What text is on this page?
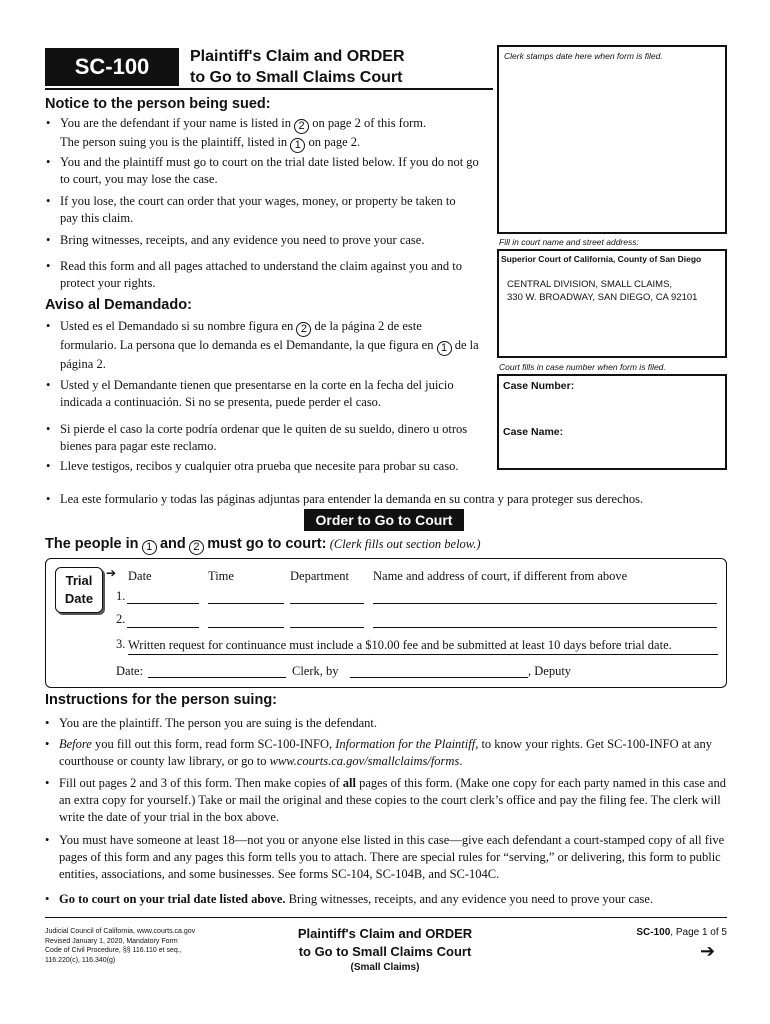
SC-100	Plaintiff's Claim and ORDER
to Go to Small Claims Court
Clerk stamps date here when form is filed.
Fill in court name and street address:
Superior Court of California, County of San Diego
CENTRAL DIVISION, SMALL CLAIMS,
330 W. BROADWAY, SAN DIEGO, CA 92101
Court fills in case number when form is filed.
Case Number:
Case Name:
Notice to the person being sued:
• You are the defendant if your name is listed in 2 on page 2 of this form.
The person suing you is the plaintiff, listed in 1 on page 2.
• You and the plaintiff must go to court on the trial date listed below. If you do not go to court, you may lose the case.
• If you lose, the court can order that your wages, money, or property be taken to pay this claim.
• Bring witnesses, receipts, and any evidence you need to prove your case.
• Read this form and all pages attached to understand the claim against you and to protect your rights.
Aviso al Demandado:
• Usted es el Demandado si su nombre figura en 2 de la página 2 de este formulario. La persona que lo demanda es el Demandante, la que figura en 1 de la página 2.
• Usted y el Demandante tienen que presentarse en la corte en la fecha del juicio indicada a continuación. Si no se presenta, puede perder el caso.
• Si pierde el caso la corte podría ordenar que le quiten de su sueldo, dinero u otros bienes para pagar este reclamo.
• Lleve testigos, recibos y cualquier otra prueba que necesite para probar su caso.
• Lea este formulario y todas las páginas adjuntas para entender la demanda en su contra y para proteger sus derechos.
Order to Go to Court
The people in 1 and 2 must go to court: (Clerk fills out section below.)
Trial
Date
➔ Date	Time	Department Name and address of court, if different from above
1.
2.
3. Written request for continuance must include a $10.00 fee and be submitted at least 10 days before trial date.
Date:	Clerk, by	, Deputy
Instructions for the person suing:
• You are the plaintiff. The person you are suing is the defendant.
• Before you fill out this form, read form SC-100-INFO, Information for the Plaintiff, to know your rights. Get SC-100-INFO at any courthouse or county law library, or go to www.courts.ca.gov/smallclaims/forms.
• Fill out pages 2 and 3 of this form. Then make copies of all pages of this form. (Make one copy for each party named in this case and an extra copy for yourself.) Take or mail the original and these copies to the court clerk’s office and pay the filing fee. The clerk will write the date of your trial in the box above.
• You must have someone at least 18—not you or anyone else listed in this case—give each defendant a court-stamped copy of all five pages of this form and any pages this form tells you to attach. There are special rules for “serving,” or delivering, this form to public entities, associations, and some businesses. See forms SC-104, SC-104B, and SC-104C.
• Go to court on your trial date listed above. Bring witnesses, receipts, and any evidence you need to prove your case.
Judicial Council of California, www.courts.ca.gov
Revised January 1, 2020, Mandatory Form
Code of Civil Procedure, §§ 116.110 et seq.,
116.220(c), 116.340(g)
Plaintiff's Claim and ORDER
to Go to Small Claims Court
(Small Claims)
SC-100, Page 1 of 5
➔
